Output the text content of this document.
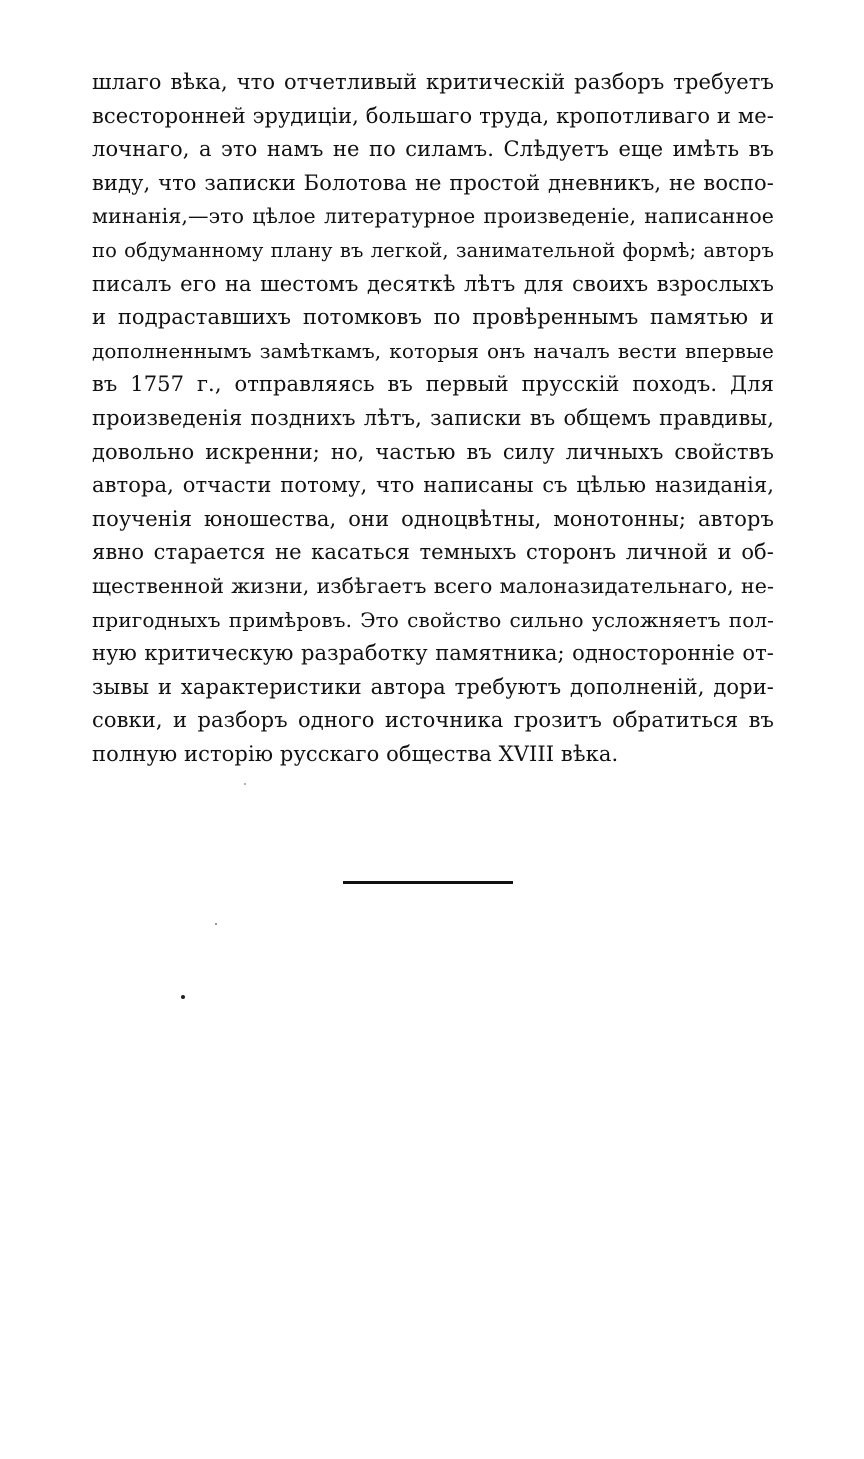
шлаго вѣка, что отчетливый критическій разборъ требуетъ
всесторонней эрудиціи, большаго труда, кропотливаго и ме-
лочнаго, а это намъ не по силамъ. Слѣдуетъ еще имѣть въ
виду, что записки Болотова не простой дневникъ, не воспо-
минанія,—это цѣлое литературное произведеніе, написанное
по обдуманному плану въ легкой, занимательной формѣ; авторъ
писалъ его на шестомъ десяткѣ лѣтъ для своихъ взрослыхъ
и подраставшихъ потомковъ по провѣреннымъ памятью и
дополненнымъ замѣткамъ, которыя онъ началъ вести впервые
въ 1757 г., отправляясь въ первый прусскій походъ. Для
произведенія позднихъ лѣтъ, записки въ общемъ правдивы,
довольно искренни; но, частью въ силу личныхъ свойствъ
автора, отчасти потому, что написаны съ цѣлью назиданія,
поученія юношества, они одноцвѣтны, монотонны; авторъ
явно старается не касаться темныхъ сторонъ личной и об-
щественной жизни, избѣгаетъ всего малоназидательнаго, не-
пригодныхъ примѣровъ. Это свойство сильно усложняетъ пол-
ную критическую разработку памятника; односторонніе от-
зывы и характеристики автора требуютъ дополненій, дори-
совки, и разборъ одного источника грозитъ обратиться въ
полную исторію русскаго общества XVIII вѣка.
